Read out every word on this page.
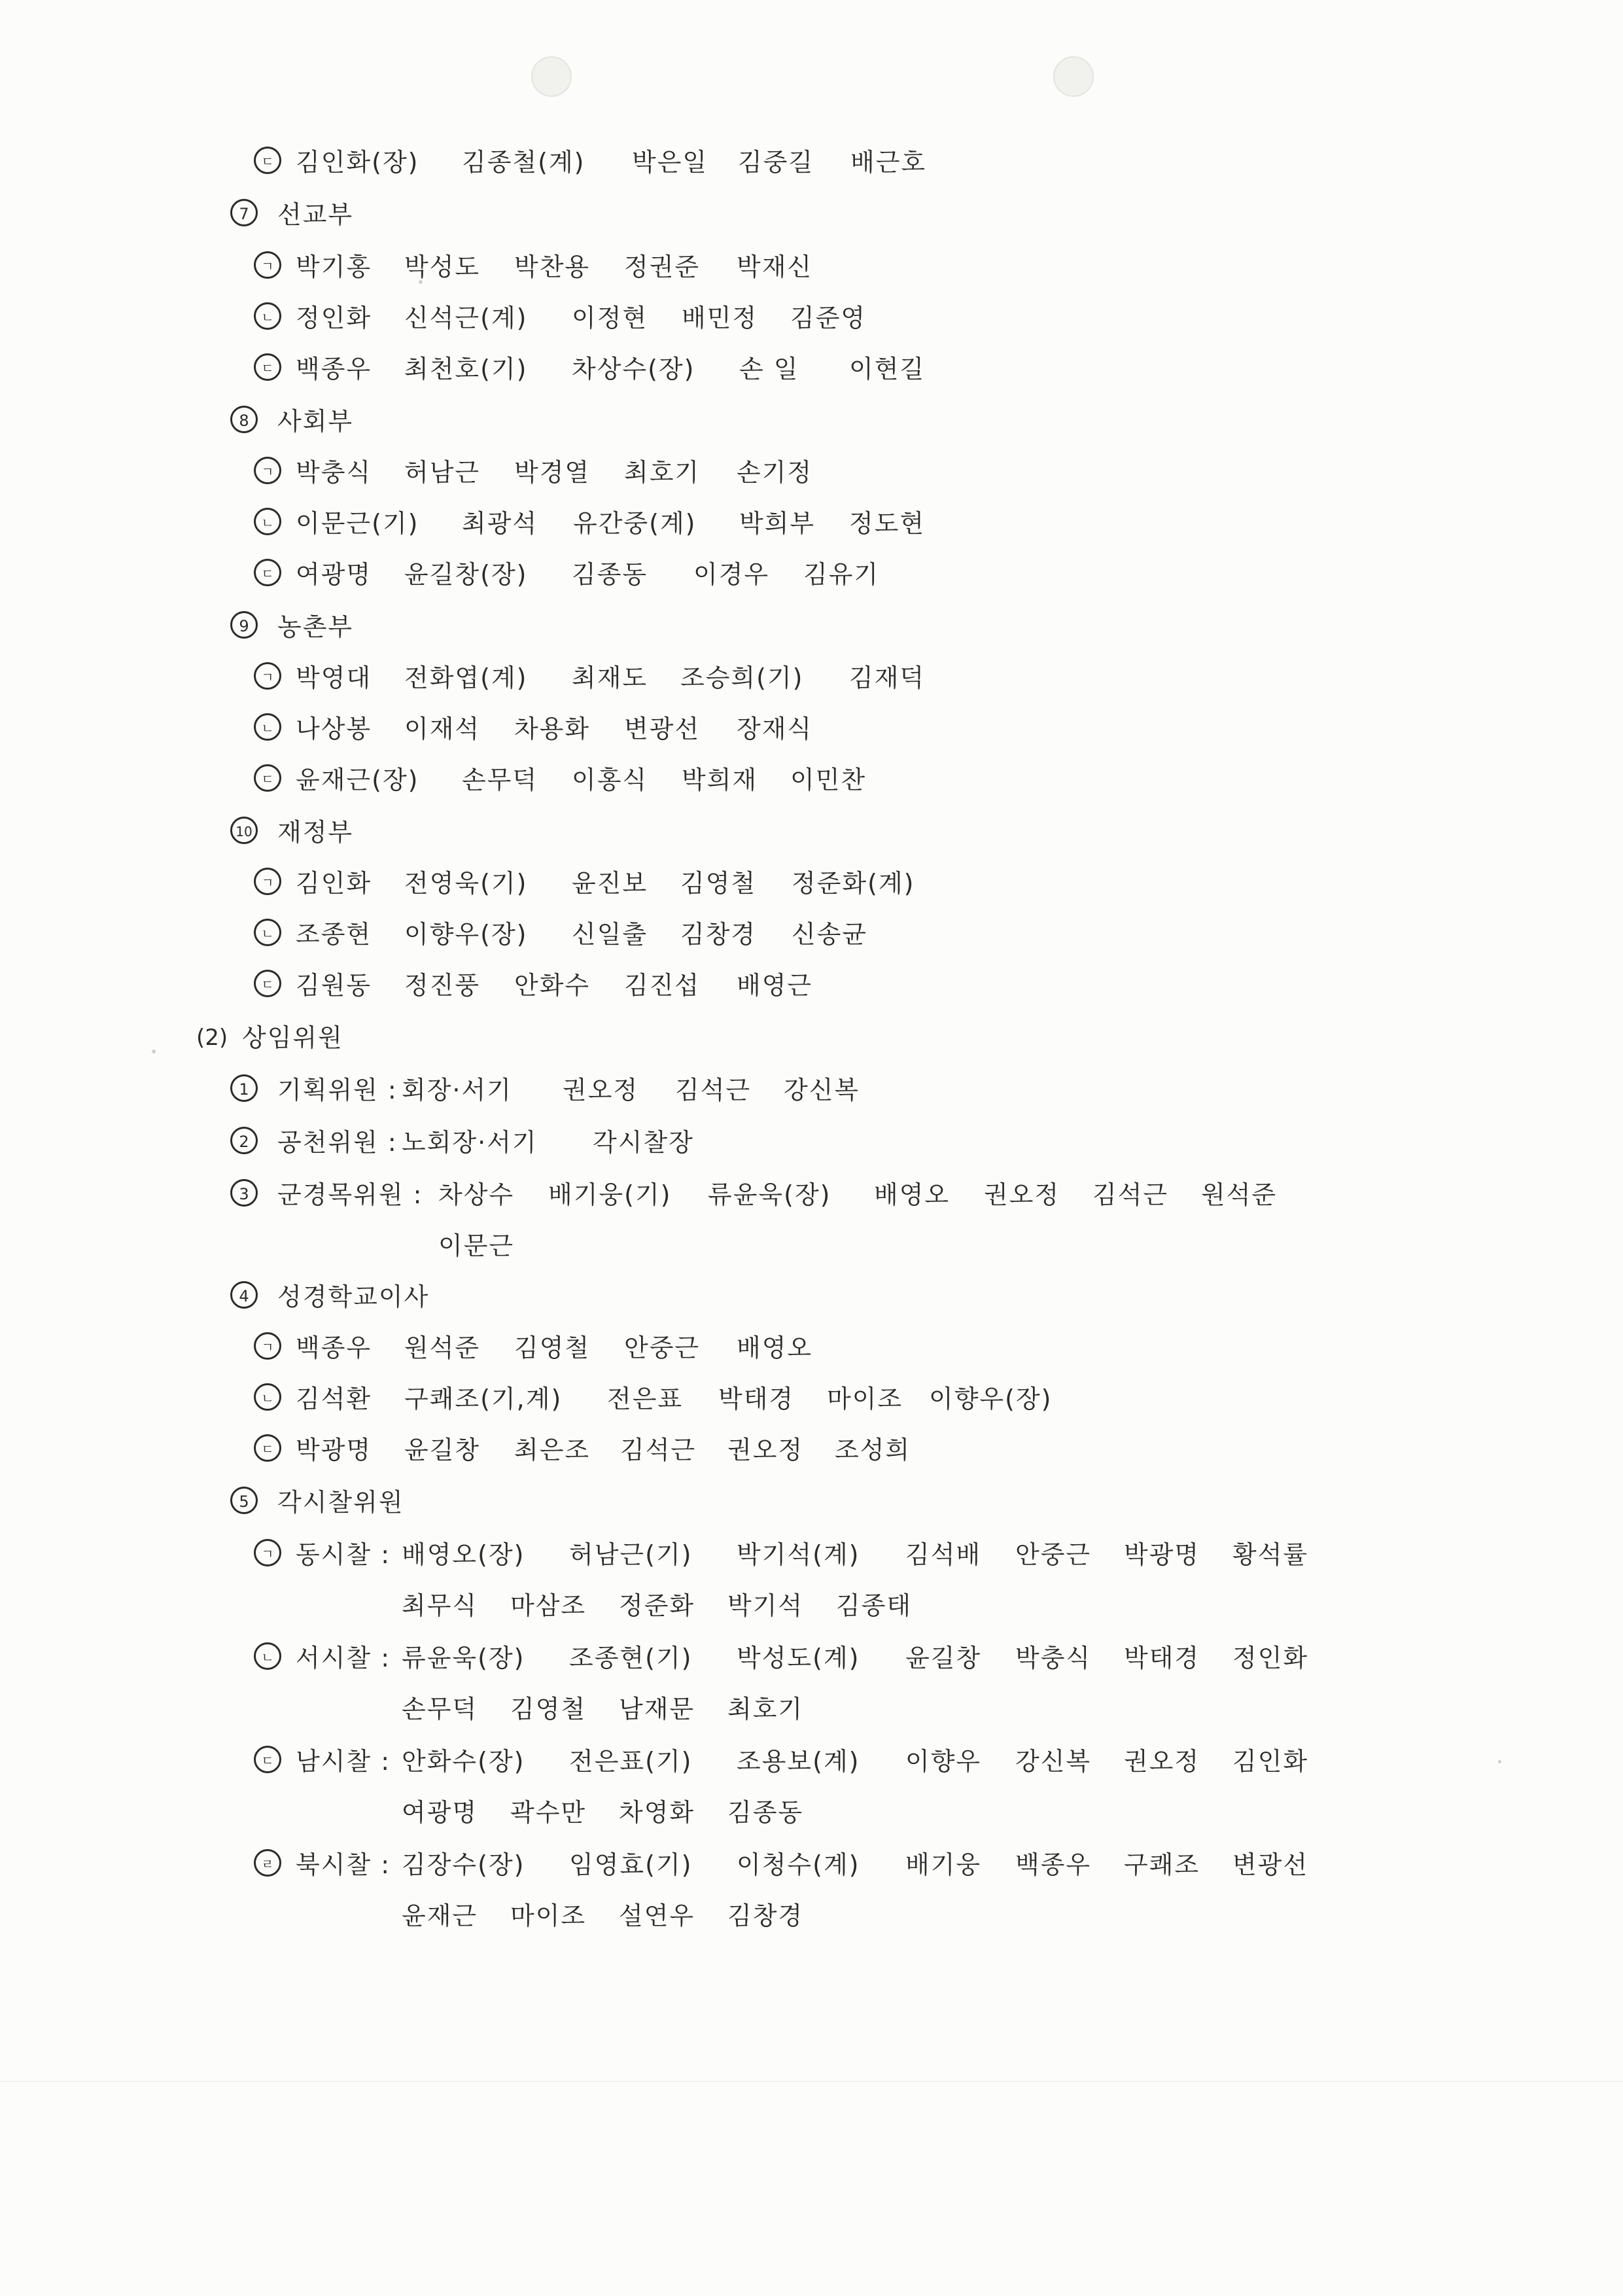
ㄷ 김인화(장) 김종철(계) 박은일 김중길 배근호
7	선교부
ㄱ 박기홍 박성도 박찬용 정권준 박재신
ㄴ 정인화 신석근(계) 이정현 배민정 김준영
ㄷ 백종우 최천호(기) 차상수(장) 손 일 이현길
8	사회부
ㄱ 박충식 허남근 박경열 최호기 손기정
ㄴ 이문근(기) 최광석 유간중(계) 박희부 정도현
ㄷ 여광명 윤길창(장) 김종동 이경우 김유기
9	농촌부
ㄱ 박영대 전화엽(계) 최재도 조승희(기) 김재덕
ㄴ 나상봉 이재석 차용화 변광선 장재식
ㄷ 윤재근(장) 손무덕 이홍식 박희재 이민찬
10 재정부
ㄱ 김인화 전영욱(기) 윤진보 김영철 정준화(계)
ㄴ 조종현 이향우(장) 신일출 김창경 신송균
ㄷ 김원동 정진풍 안화수 김진섭 배영근
(2) 상임위원
1	기획위원 : 회장·서기 권오정 김석근 강신복
2	공천위원 : 노회장·서기 각시찰장
3	군경목위원 : 차상수 배기웅(기) 류윤욱(장) 배영오 권오정 김석근 원석준
이문근
4	성경학교이사
ㄱ 백종우 원석준 김영철 안중근 배영오
ㄴ 김석환 구쾌조(기,계) 전은표 박태경 마이조 이향우(장)
ㄷ 박광명 윤길창 최은조 김석근 권오정 조성희
5	각시찰위원
ㄱ 동시찰 : 배영오(장) 허남근(기) 박기석(계) 김석배 안중근 박광명 황석률
최무식 마삼조 정준화 박기석 김종태
ㄴ 서시찰 : 류윤욱(장) 조종현(기) 박성도(계) 윤길창 박충식 박태경 정인화
손무덕 김영철 남재문 최호기
ㄷ 남시찰 : 안화수(장) 전은표(기) 조용보(계) 이향우 강신복 권오정 김인화
여광명 곽수만 차영화 김종동
ㄹ 북시찰 : 김장수(장) 임영효(기) 이청수(계) 배기웅 백종우 구쾌조 변광선
윤재근 마이조 설연우 김창경
